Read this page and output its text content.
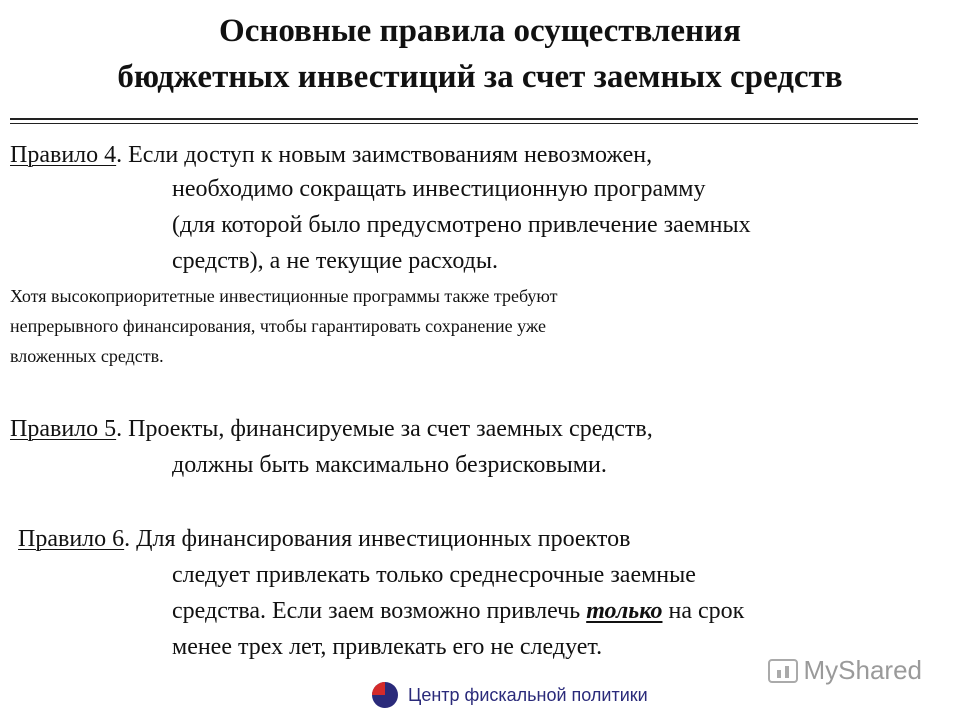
Основные правила осуществления
бюджетных инвестиций за счет заемных средств
Правило 4. Если доступ к новым заимствованиям невозможен,
необходимо сокращать инвестиционную программу
(для которой было предусмотрено привлечение заемных
средств), а не текущие расходы.
Хотя высокоприоритетные инвестиционные программы также требуют
непрерывного финансирования, чтобы гарантировать сохранение уже
вложенных средств.
Правило 5. Проекты, финансируемые за счет заемных средств,
должны быть максимально безрисковыми.
Правило 6. Для финансирования инвестиционных проектов
следует привлекать только среднесрочные заемные
средства. Если заем возможно привлечь только на срок
менее трех лет, привлекать его не следует.
MyShared
Центр фискальной политики
